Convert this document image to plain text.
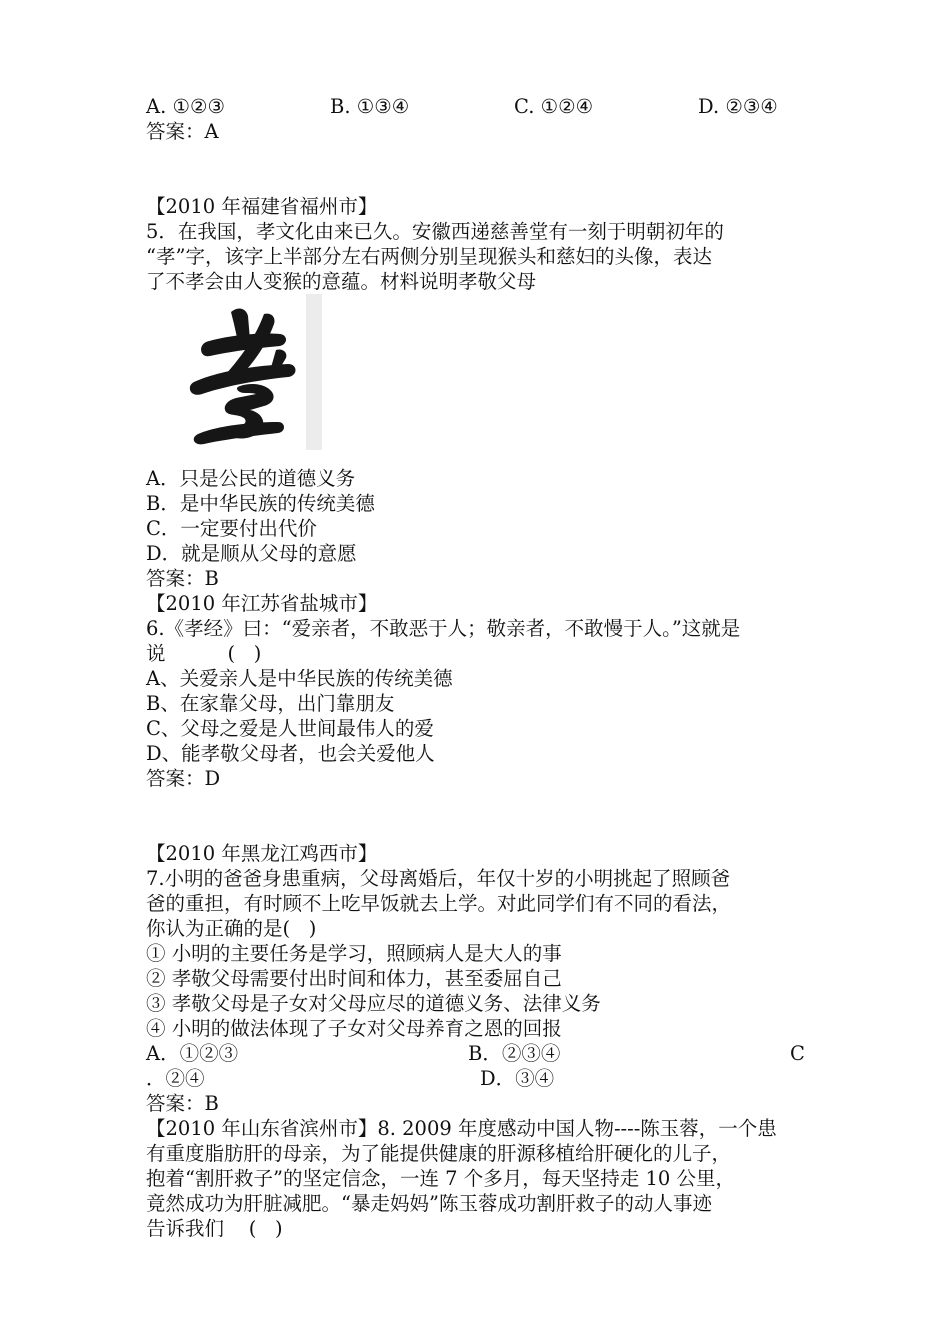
A. ①②③	B. ①③④	C. ①②④	D. ②③④
答案：A
【2010 年福建省福州市】
5．在我国，孝文化由来已久。安徽西递慈善堂有一刻于明朝初年的
“孝”字，该字上半部分左右两侧分别呈现猴头和慈妇的头像，表达
了不孝会由人变猴的意蕴。材料说明孝敬父母
A．只是公民的道德义务
B．是中华民族的传统美德
C．一定要付出代价
D．就是顺从父母的意愿
答案：B
【2010 年江苏省盐城市】
6.《孝经》曰：“爱亲者，不敢恶于人；敬亲者，不敢慢于人。”这就是
说          (   )
A、关爱亲人是中华民族的传统美德
B、在家靠父母，出门靠朋友
C、父母之爱是人世间最伟人的爱
D、能孝敬父母者，也会关爱他人
答案：D
【2010 年黑龙江鸡西市】
7.小明的爸爸身患重病，父母离婚后，年仅十岁的小明挑起了照顾爸
爸的重担，有时顾不上吃早饭就去上学。对此同学们有不同的看法，
你认为正确的是(   )
① 小明的主要任务是学习，照顾病人是大人的事
② 孝敬父母需要付出时间和体力，甚至委屈自己
③ 孝敬父母是子女对父母应尽的道德义务、法律义务
④ 小明的做法体现了子女对父母养育之恩的回报
A．①②③	B．②③④	C
．②④	D．③④
答案：B
【2010 年山东省滨州市】8. 2009 年度感动中国人物----陈玉蓉，一个患
有重度脂肪肝的母亲，为了能提供健康的肝源移植给肝硬化的儿子，
抱着“割肝救子”的坚定信念，一连 7 个多月，每天坚持走 10 公里，
竟然成功为肝脏减肥。“暴走妈妈”陈玉蓉成功割肝救子的动人事迹
告诉我们    (   )
